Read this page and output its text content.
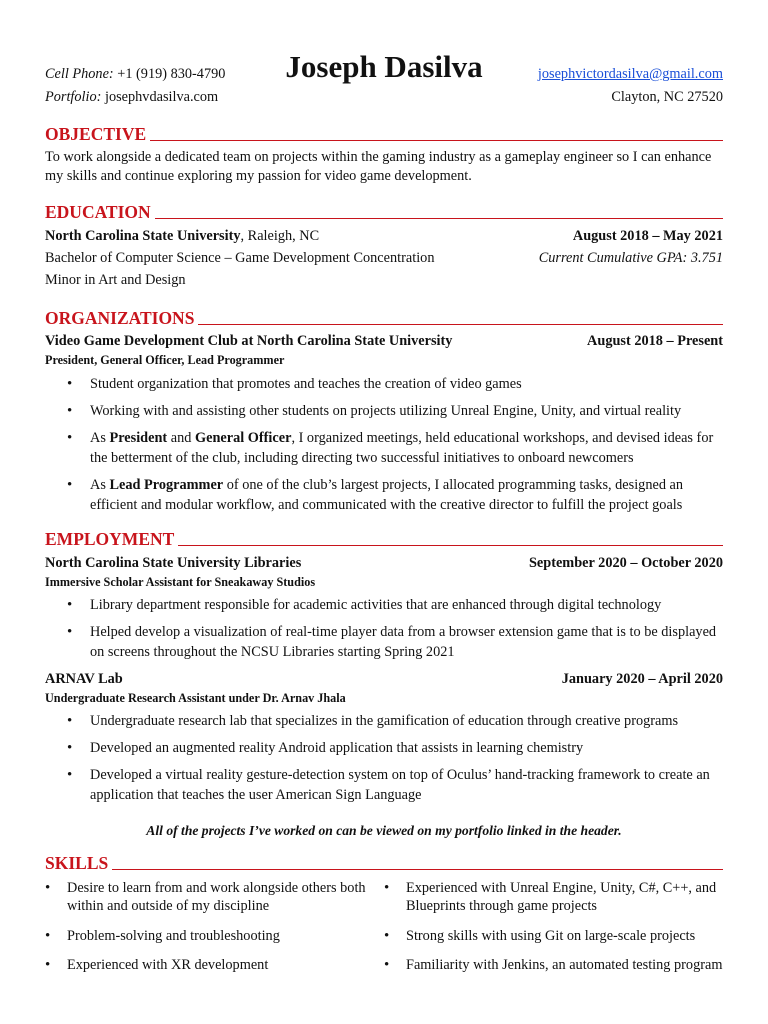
Cell Phone: +1 (919) 830-4790
Portfolio: josephvdasilva.com
Joseph Dasilva	josephvictordasilva@gmail.com
Clayton, NC 27520
OBJECTIVE
To work alongside a dedicated team on projects within the gaming industry as a gameplay engineer so I can enhance my skills and continue exploring my passion for video game development.
EDUCATION
North Carolina State University, Raleigh, NC	August 2018 – May 2021
Bachelor of Computer Science – Game Development Concentration	Current Cumulative GPA: 3.751
Minor in Art and Design
ORGANIZATIONS
Video Game Development Club at North Carolina State University	August 2018 – Present
President, General Officer, Lead Programmer
• Student organization that promotes and teaches the creation of video games
• Working with and assisting other students on projects utilizing Unreal Engine, Unity, and virtual reality
• As President and General Officer, I organized meetings, held educational workshops, and devised ideas for the betterment of the club, including directing two successful initiatives to onboard newcomers
• As Lead Programmer of one of the club’s largest projects, I allocated programming tasks, designed an efficient and modular workflow, and communicated with the creative director to fulfill the project goals
EMPLOYMENT
North Carolina State University Libraries	September 2020 – October 2020
Immersive Scholar Assistant for Sneakaway Studios
• Library department responsible for academic activities that are enhanced through digital technology
• Helped develop a visualization of real-time player data from a browser extension game that is to be displayed on screens throughout the NCSU Libraries starting Spring 2021
ARNAV Lab	January 2020 – April 2020
Undergraduate Research Assistant under Dr. Arnav Jhala
• Undergraduate research lab that specializes in the gamification of education through creative programs
• Developed an augmented reality Android application that assists in learning chemistry
• Developed a virtual reality gesture-detection system on top of Oculus’ hand-tracking framework to create an application that teaches the user American Sign Language
All of the projects I’ve worked on can be viewed on my portfolio linked in the header.
SKILLS
• Desire to learn from and work alongside others both within and outside of my discipline
• Problem-solving and troubleshooting
• Experienced with XR development
• Experienced with Unreal Engine, Unity, C#, C++, and Blueprints through game projects
• Strong skills with using Git on large-scale projects
• Familiarity with Jenkins, an automated testing program
